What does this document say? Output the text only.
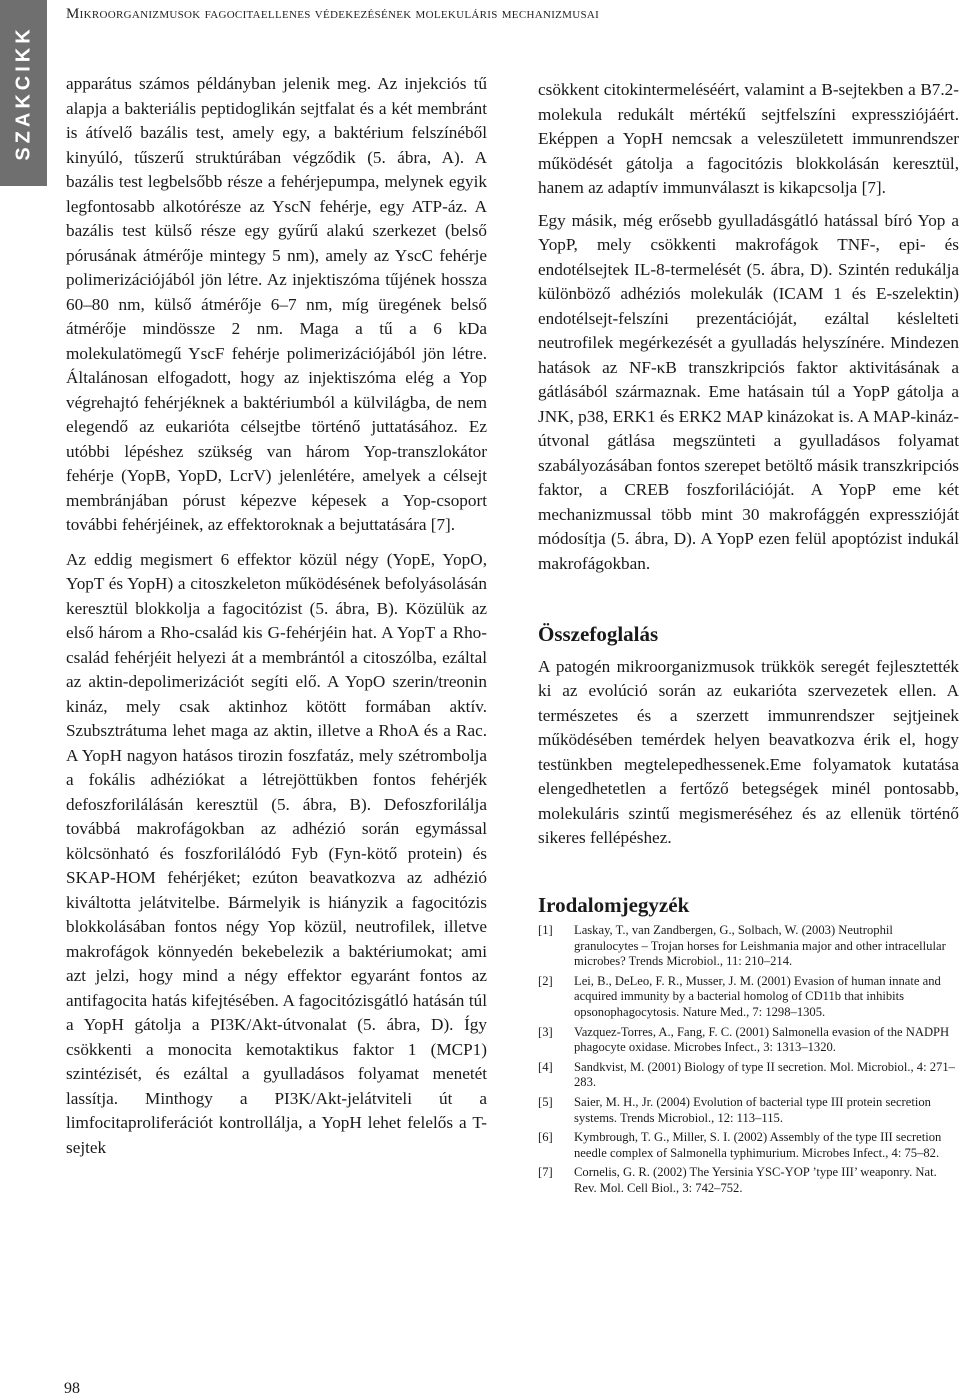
SZAKCIKK
Mikroorganizmusok fagocitaellenes védekezésének molekuláris mechanizmusai

apparátus számos példányban jelenik meg. Az injekciós tű alapja a bakteriális peptidoglikán sejtfalat és a két membránt is átívelő bazális test, amely egy, a baktérium felszínéből kinyúló, tűszerű struktúrában végződik (5. ábra, A). A bazális test legbelsőbb része a fehérjepumpa, melynek egyik legfontosabb alkotórésze az YscN fehérje, egy ATP-áz. A bazális test külső része egy gyűrű alakú szerkezet (belső pórusának átmérője mintegy 5 nm), amely az YscC fehérje polimerizációjából jön létre. Az injektiszóma tűjének hossza 60–80 nm, külső átmérője 6–7 nm, míg üregének belső átmérője mindössze 2 nm. Maga a tű a 6 kDa molekulatömegű YscF fehérje polimerizációjából jön létre. Általánosan elfogadott, hogy az injektiszóma elég a Yop végrehajtó fehérjéknek a baktériumból a külvilágba, de nem elegendő az eukarióta célsejtbe történő juttatásához. Ez utóbbi lépéshez szükség van három Yop-transzlokátor fehérje (YopB, YopD, LcrV) jelenlétére, amelyek a célsejt membránjában pórust képezve képesek a Yop-csoport további fehérjéinek, az effektoroknak a bejuttatására [7].

Az eddig megismert 6 effektor közül négy (YopE, YopO, YopT és YopH) a citoszkeleton működésének befolyásolásán keresztül blokkolja a fagocitózist (5. ábra, B). Közülük az első három a Rho-család kis G-fehérjéin hat. A YopT a Rho-család fehérjéit helyezi át a membrántól a citoszólba, ezáltal az aktin-depolimerizációt segíti elő. A YopO szerin/treonin kináz, mely csak aktinhoz kötött formában aktív. Szubsztrátuma lehet maga az aktin, illetve a RhoA és a Rac. A YopH nagyon hatásos tirozin foszfatáz, mely szétrombolja a fokális adhéziókat a létrejöttükben fontos fehérjék defoszforilálásán keresztül (5. ábra, B). Defoszforilálja továbbá makrofágokban az adhézió során egymással kölcsönható és foszforilálódó Fyb (Fyn-kötő protein) és SKAP-HOM fehérjéket; ezúton beavatkozva az adhézió kiváltotta jelátvitelbe. Bármelyik is hiányzik a fagocitózis blokkolásában fontos négy Yop közül, neutrofilek, illetve makrofágok könnyedén bekebelezik a baktériumokat; ami azt jelzi, hogy mind a négy effektor egyaránt fontos az antifagocita hatás kifejtésében. A fagocitózisgátló hatásán túl a YopH gátolja a PI3K/Akt-útvonalat (5. ábra, D). Így csökkenti a monocita kemotaktikus faktor 1 (MCP1) szintézisét, és ezáltal a gyulladásos folyamat menetét lassítja. Minthogy a PI3K/Akt-jelátviteli út a limfocitaproliferációt kontrollálja, a YopH lehet felelős a T-sejtek

csökkent citokintermeléséért, valamint a B-sejtekben a B7.2-molekula redukált mértékű sejtfelszíni expressziójáért. Eképpen a YopH nemcsak a veleszületett immunrendszer működését gátolja a fagocitózis blokkolásán keresztül, hanem az adaptív immunválaszt is kikapcsolja [7].

Egy másik, még erősebb gyulladásgátló hatással bíró Yop a YopP, mely csökkenti makrofágok TNF-, epi- és endotélsejtek IL-8-termelését (5. ábra, D). Szintén redukálja különböző adhéziós molekulák (ICAM 1 és E-szelektin) endotélsejt-felszíni prezentációját, ezáltal késlelteti neutrofilek megérkezését a gyulladás helyszínére. Mindezen hatások az NF-κB transzkripciós faktor aktivitásának a gátlásából származnak. Eme hatásain túl a YopP gátolja a JNK, p38, ERK1 és ERK2 MAP kinázokat is. A MAP-kináz-útvonal gátlása megszünteti a gyulladásos folyamat szabályozásában fontos szerepet betöltő másik transzkripciós faktor, a CREB foszforilációját. A YopP eme két mechanizmussal több mint 30 makrofággén expresszióját módosítja (5. ábra, D). A YopP ezen felül apoptózist indukál makrofágokban.

Összefoglalás

A patogén mikroorganizmusok trükkök seregét fejlesztették ki az evolúció során az eukarióta szervezetek ellen. A természetes és a szerzett immunrendszer sejtjeinek működésében temérdek helyen beavatkozva érik el, hogy testünkben megtelepedhessenek.Eme folyamatok kutatása elengedhetetlen a fertőző betegségek minél pontosabb, molekuláris szintű megismeréséhez és az ellenük történő sikeres fellépéshez.

Irodalomjegyzék
[1]	Laskay, T., van Zandbergen, G., Solbach, W. (2003) Neutrophil granulocytes – Trojan horses for Leishmania major and other intracellular microbes? Trends Microbiol., 11: 210–214.
[2]	Lei, B., DeLeo, F. R., Musser, J. M. (2001) Evasion of human innate and acquired immunity by a bacterial homolog of CD11b that inhibits opsonophagocytosis. Nature Med., 7: 1298–1305.
[3]	Vazquez-Torres, A., Fang, F. C. (2001) Salmonella evasion of the NADPH phagocyte oxidase. Microbes Infect., 3: 1313–1320.
[4]	Sandkvist, M. (2001) Biology of type II secretion. Mol. Microbiol., 4: 271–283.
[5]	Saier, M. H., Jr. (2004) Evolution of bacterial type III protein secretion systems. Trends Microbiol., 12: 113–115.
[6]	Kymbrough, T. G., Miller, S. I. (2002) Assembly of the type III secretion needle complex of Salmonella typhimurium. Microbes Infect., 4: 75–82.
[7]	Cornelis, G. R. (2002) The Yersinia YSC-YOP ’type III’ weaponry. Nat. Rev. Mol. Cell Biol., 3: 742–752.
98
